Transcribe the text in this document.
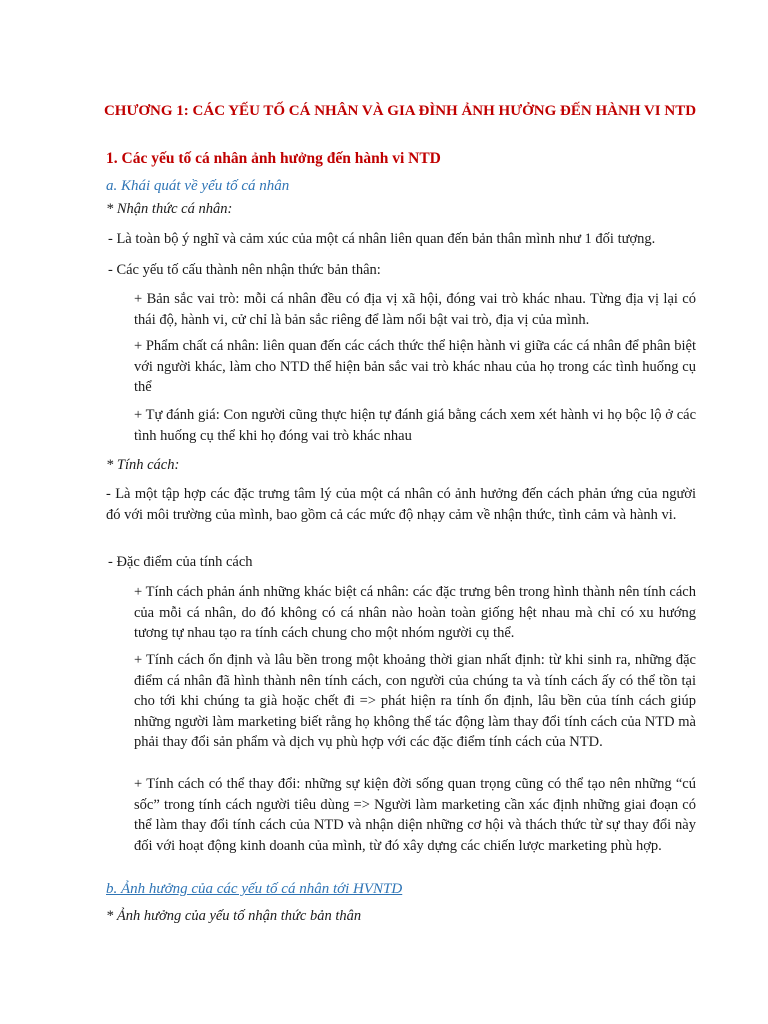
CHƯƠNG 1: CÁC YẾU TỐ CÁ NHÂN VÀ GIA ĐÌNH ẢNH HƯỞNG ĐẾN HÀNH VI NTD
1. Các yếu tố cá nhân ảnh hưởng đến hành vi NTD
a. Khái quát về yếu tố cá nhân
* Nhận thức cá nhân:
- Là toàn bộ ý nghĩ và cảm xúc của một cá nhân liên quan đến bản thân mình như 1 đối tượng.
- Các yếu tố cấu thành nên nhận thức bản thân:
+ Bản sắc vai trò: mỗi cá nhân đều có địa vị xã hội, đóng vai trò khác nhau. Từng địa vị lại có thái độ, hành vi, cử chỉ là bản sắc riêng để làm nổi bật vai trò, địa vị của mình.
+ Phẩm chất cá nhân: liên quan đến các cách thức thể hiện hành vi giữa các cá nhân để phân biệt với người khác, làm cho NTD thể hiện bản sắc vai trò khác nhau của họ trong các tình huống cụ thể
+ Tự đánh giá: Con người cũng thực hiện tự đánh giá bằng cách xem xét hành vi họ bộc lộ ở các tình huống cụ thể khi họ đóng vai trò khác nhau
* Tính cách:
- Là một tập hợp các đặc trưng tâm lý của một cá nhân có ảnh hưởng đến cách phản ứng của người đó với môi trường của mình, bao gồm cả các mức độ nhạy cảm về nhận thức, tình cảm và hành vi.
- Đặc điểm của tính cách
+ Tính cách phản ánh những khác biệt cá nhân: các đặc trưng bên trong hình thành nên tính cách của mỗi cá nhân, do đó không có cá nhân nào hoàn toàn giống hệt nhau mà chỉ có xu hướng tương tự nhau tạo ra tính cách chung cho một nhóm người cụ thể.
+ Tính cách ổn định và lâu bền trong một khoảng thời gian nhất định: từ khi sinh ra, những đặc điểm cá nhân đã hình thành nên tính cách, con người của chúng ta và tính cách ấy có thể tồn tại cho tới khi chúng ta già hoặc chết đi => phát hiện ra tính ổn định, lâu bền của tính cách giúp những người làm marketing biết rằng họ không thể tác động làm thay đổi tính cách của NTD mà phải thay đổi sản phẩm và dịch vụ phù hợp với các đặc điểm tính cách của NTD.
+ Tính cách có thể thay đổi: những sự kiện đời sống quan trọng cũng có thể tạo nên những “cú sốc” trong tính cách người tiêu dùng => Người làm marketing cần xác định những giai đoạn có thể làm thay đổi tính cách của NTD và nhận diện những cơ hội và thách thức từ sự thay đổi này đối với hoạt động kinh doanh của mình, từ đó xây dựng các chiến lược marketing phù hợp.
b. Ảnh hưởng của các yếu tố cá nhân tới HVNTD
* Ảnh hưởng của yếu tố nhận thức bản thân
